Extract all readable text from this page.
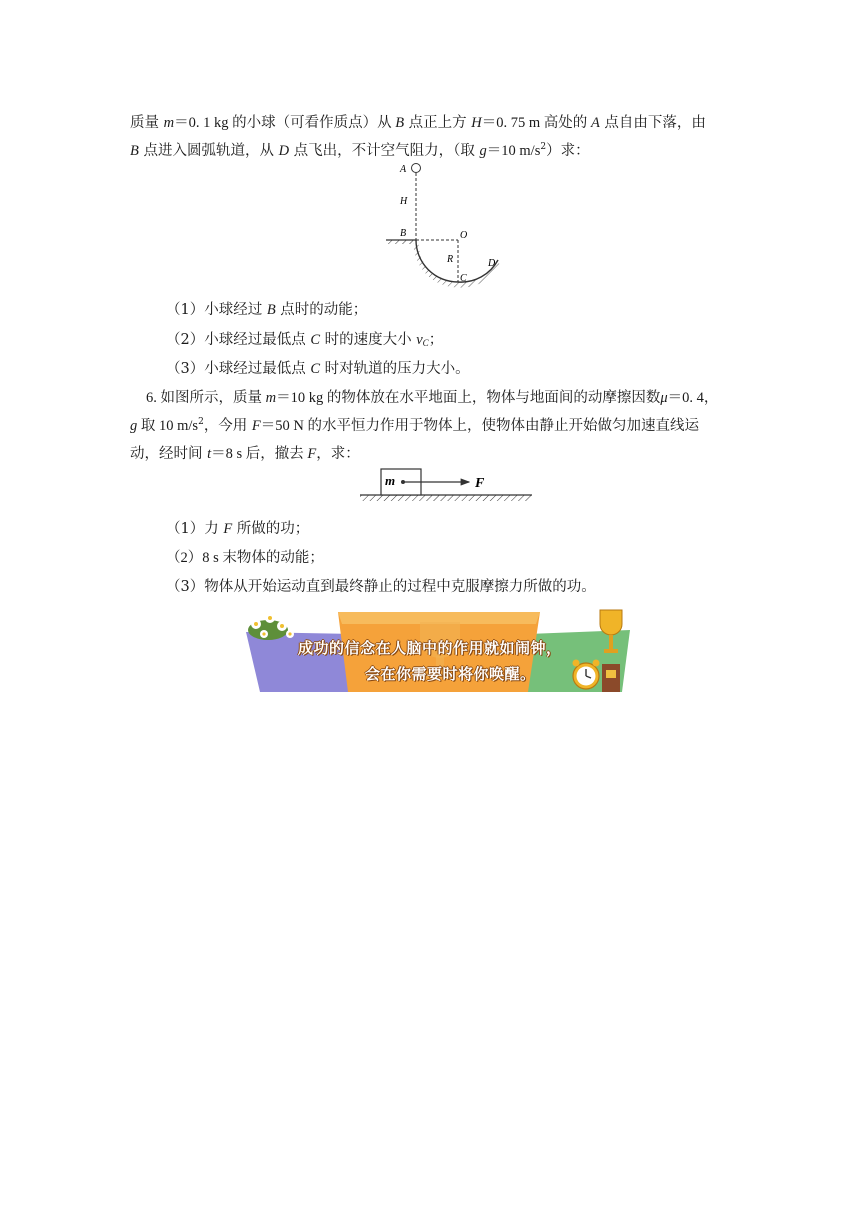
质量 m＝0. 1 kg 的小球（可看作质点）从 B 点正上方 H＝0. 75 m 高处的 A 点自由下落，由
B 点进入圆弧轨道，从 D 点飞出，不计空气阻力，（取 g＝10 $m/s^2$）求：
A
H
B	O
R
C
D
（1）小球经过 B 点时的动能；
（2）小球经过最低点 C 时的速度大小 $v_C$；
（3）小球经过最低点 C 时对轨道的压力大小。
6. 如图所示，质量 m＝10 kg 的物体放在水平地面上，物体与地面间的动摩擦因数μ＝0. 4，
g 取 10 $m/s^2$，今用 F＝50 N 的水平恒力作用于物体上，使物体由静止开始做匀加速直线运
动，经时间 t＝8 s 后，撤去 F，求：
m	F
（1）力 F 所做的功；
（2）8 s 末物体的动能；
（3）物体从开始运动直到最终静止的过程中克服摩擦力所做的功。
成功的信念在人脑中的作用就如闹钟，
会在你需要时将你唤醒。
